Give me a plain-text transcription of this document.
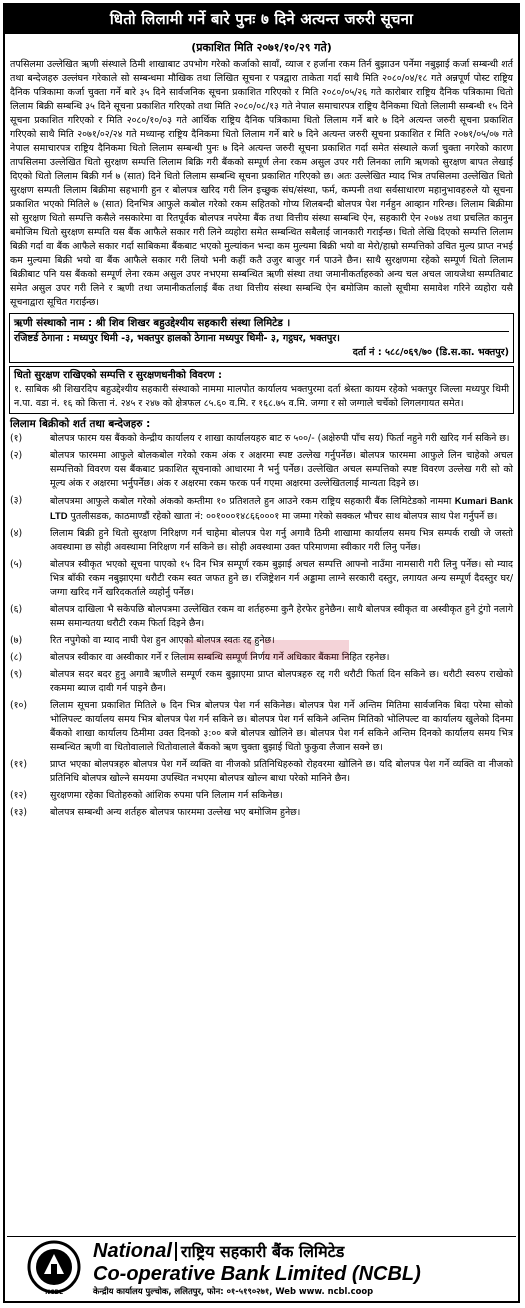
धितो लिलामी गर्ने बारे पुनः ७ दिने अत्यन्त जरुरी सूचना
(प्रकाशित मिति २०७१/१०/२९ गते)

तपसिलमा उल्लेखित ऋणी संस्थाले ठिमी शाखाबाट उपभोग गरेको कर्जाको सावाँ, व्याज र हर्जाना रकम तिर्न बुझाउन पर्नेमा नबुझाई कर्जा सम्बन्धी शर्त तथा बन्देजहरु उल्लंघन गरेकाले सो सम्बन्धमा मौखिक तथा लिखित सूचना र पत्रद्वारा ताकेता गर्दा साथै मिति २०८०/०४/१८ गते अन्नपूर्ण पोस्ट राष्ट्रिय दैनिक पत्रिकामा कर्जा चुक्ता गर्ने बारे ३५ दिने सार्वजनिक सूचना प्रकाशित गरिएको र मिति २०८०/०५/२६ गते कारोबार राष्ट्रिय दैनिक पत्रिकामा धितो लिलाम बिक्री सम्बन्धि ३५ दिने सूचना प्रकाशित गरिएको तथा मिति २०८०/०८/१३ गते नेपाल समाचारपत्र राष्ट्रिय दैनिकमा धितो लिलामी सम्बन्धी १५ दिने सूचना प्रकाशित गरिएको र मिति २०८०/१०/०३ गते आर्थिक राष्ट्रिय दैनिक पत्रिकामा धितो लिलाम गर्ने बारे ७ दिने अत्यन्त जरुरी सूचना प्रकाशित गरिएको साथै मिति २०७१/०२/२४ गते मध्यान्ह राष्ट्रिय दैनिकमा धितो लिलाम गर्ने बारे ७ दिने अत्यन्त जरुरी सूचना प्रकाशित र मिति २०७१/०५/०७ गते नेपाल समाचारपत्र राष्ट्रिय दैनिकमा धितो लिलाम सम्बन्धी पुनः ७ दिने अत्यन्त जरुरी सूचना प्रकाशित गर्दा समेत संस्थाले कर्जा चुक्ता नगरेको कारण तापसिलमा उल्लेखित धितो सुरक्षण सम्पत्ति लिलाम बिक्रि गरी बैंकको सम्पूर्ण लेना रकम असुल उपर गरी लिनका लागि ऋणको सुरक्षण बापत लेखाई दिएको धितो लिलाम बिक्री गर्न ७ (सात) दिने धितो लिलाम सम्बन्धि सूचना प्रकाशित गरिएको छ। अतः उल्लेखित म्याद भित्र तपसिलमा उल्लेखित धितो सुरक्षण सम्पती लिलाम बिक्रीमा सहभागी हुन र बोलपत्र खरिद गरी लिन इच्छुक संघ/संस्था, फर्म, कम्पनी तथा सर्वसाधारण महानुभावहरुले यो सूचना प्रकाशित भएको मितिले ७ (सात) दिनभित्र आफुले कबोल गरेको रकम सहितको गोप्य शिलबन्दी बोलपत्र पेश गर्नहुन आव्हान गरिन्छ। लिलाम बिक्रीमा सो सुरक्षण धितो सम्पत्ति कसैले नसकारेमा वा रितपूर्वक बोलपत्र नपरेमा बैंक तथा वित्तीय संस्था सम्बन्धि ऐन, सहकारी ऐन २०७४ तथा प्रचलित कानुन बमोजिम धितो सुरक्षण सम्पति यस बैंक आफैले सकार गरी लिने व्यहोरा समेत सम्बन्धित सबैलाई जानकारी गराईन्छ। धितो लेखि दिएको सम्पत्ति लिलाम बिक्री गर्दा वा बैंक आफैले सकार गर्दा साबिकमा बैंकबाट भएको मुल्यांकन भन्दा कम मुल्यमा बिक्री भयो वा मेरो/हाम्रो सम्पत्तिको उचित मुल्य प्राप्त नभई कम मुल्यमा बिक्री भयो वा बैंक आफैले सकार गरी लियो भनी कहीं कतै उजुर बाजुर गर्न पाउने छैन। साथै सुरक्षणमा रहेको सम्पूर्ण धितो लिलाम बिक्रीबाट पनि यस बैंकको सम्पूर्ण लेना रकम असुल उपर नभएमा सम्बन्धित ऋणी संस्था तथा जमानीकर्ताहरुको अन्य चल अचल जायजेथा सम्पतिबाट समेत असुल उपर गरी लिने र ऋणी तथा जमानीकर्तालाई बैंक तथा वित्तीय संस्था सम्बन्धि ऐन बमोजिम कालो सूचीमा समावेश गरिने व्यहोरा यसै सूचनाद्वारा सूचित गराईन्छ।

ऋणी संस्थाको नाम : श्री शिव शिखर बहुउद्देश्यीय सहकारी संस्था लिमिटेड ।
रजिष्टर्ड ठेगाना : मध्यपुर थिमी -३, भक्तपुर हालको ठेगाना मध्यपुर थिमी- ३, गट्ठघर, भक्तपुर।
दर्ता नं : ५८८/०६९/७० (डि.स.का. भक्तपुर)
धितो सुरक्षण राखिएको सम्पत्ति र सुरक्षणधनीको विवरण :
१. साबिक श्री शिखरदिप बहुउद्देश्यीय सहकारी संस्थाको नाममा मालपोत कार्यालय भक्तपुरमा दर्ता श्रेस्ता कायम रहेको भक्तपुर जिल्ला मध्यपुर थिमी न.पा. वडा नं. १६ को कित्ता नं. २४५ र २४७ को क्षेत्रफल ८५.६० व.मि. र १६८.७५ व.मि. जग्गा र सो जग्गाले चर्चेको लिगलगायत समेत।
लिलाम बिक्रीको शर्त तथा बन्देजहरु :
(१)	बोलपत्र फारम यस बैंकको केन्द्रीय कार्यालय र शाखा कार्यालयहरु बाट रु ५००/- (अक्षेरुपी पाँच सय) फिर्ता नहुने गरी खरिद गर्न सकिने छ।
(२)	बोलपत्र फारममा आफुले बोलकबोल गरेको रकम अंक र अक्षरमा स्पष्ट उल्लेख गर्नुपर्नेछ। बोलपत्र फारममा आफुले लिन चाहेको अचल सम्पत्तिको विवरण यस बैंकबाट प्रकाशित सूचनाको आधारमा नै भर्नु पर्नेछ। उल्लेखित अचल सम्पत्तिको स्पष्ट विवरण उल्लेख गरी सो को मूल्य अंक र अक्षरमा भर्नुपर्नेछ। अंक र अक्षरमा रकम फरक पर्न गएमा अक्षरमा उल्लेखितलाई मान्यता दिइने छ।
(३)	बोलपत्रमा आफुले कबोल गरेको अंकको कम्तीमा १० प्रतिशतले हुन आउने रकम राष्ट्रिय सहकारी बैंक लिमिटेडको नाममा Kumari Bank LTD पुतलीसडक, काठमाण्डौं रहेको खाता नं: ००१०००१४८६६०००१ मा जम्मा गरेको सक्कल भौचर साथ बोलपत्र साथ पेश गर्नुपर्ने छ।
(४)	लिलाम बिक्री हुने धितो सुरक्षण निरिक्षण गर्न चाहेमा बोलपत्र पेश गर्नु अगावै ठिमी शाखामा कार्यालय समय भित्र सम्पर्क राखी जे जस्तो अवस्थामा छ सोही अवस्थामा निरिक्षण गर्न सकिने छ। सोही अवस्थामा उक्त परिमाणमा स्वीकार गरी लिनु पर्नेछ।
(५)	बोलपत्र स्वीकृत भएको सूचना पाएको १५ दिन भित्र सम्पूर्ण रकम बुझाई अचल सम्पत्ति आफ्नो नाउँमा नामसारी गरी लिनु पर्नेछ। सो म्याद भित्र बाँकी रकम नबुझाएमा धरौटी रकम स्वत जफत हुने छ। रजिष्ट्रेशन गर्न अड्डामा लाग्ने सरकारी दस्तुर, लगायत अन्य सम्पूर्ण दैदस्तुर घर/जग्गा खरिद गर्ने खरिदकर्ताले व्यहोर्नु पर्नेछ।
(६)	बोलपत्र दाखिला भै सकेपछि बोलपत्रमा उल्लेखित रकम वा शर्तहरुमा कुनै हेरफेर हुनेछैन। साथै बोलपत्र स्वीकृत वा अस्वीकृत हुने टुंगो नलागे सम्म समान्यतया धरौटी रकम फिर्ता दिइने छैन।
(७)	रित नपुगेको वा म्याद नाघी पेश हुन आएको बोलपत्र स्वतः रद्द हुनेछ।
(८)	बोलपत्र स्वीकार वा अस्वीकार गर्ने र लिलाम सम्बन्धि सम्पूर्ण निर्णय गर्ने अधिकार बैंकमा निहित रहनेछ।
(९)	बोलपत्र सदर बदर हुनु अगावै ऋणीले सम्पूर्ण रकम बुझाएमा प्राप्त बोलपत्रहरु रद्द गरी धरौटी फिर्ता दिन सकिने छ। धरौटी स्वरुप राखेको रकममा ब्याज दावी गर्न पाइने छैन।
(१०)	लिलाम सूचना प्रकाशित मितिले ७ दिन भित्र बोलपत्र पेश गर्न सकिनेछ। बोलपत्र पेश गर्ने अन्तिम मितिमा सार्वजनिक बिदा परेमा सोको भोलिपल्ट कार्यालय समय भित्र बोलपत्र पेश गर्न सकिने छ। बोलपत्र पेश गर्न सकिने अन्तिम मितिको भोलिपल्ट वा कार्यालय खुलेको दिनमा बैंकको शाखा कार्यालय ठिमीमा उक्त दिनको ३:०० बजे बोलपत्र खोलिने छ। बोलपत्र पेश गर्न सकिने अन्तिम दिनको कार्यालय समय भित्र सम्बन्धित ऋणी वा धितोवालाले धितोवालाले बैंकको ऋण चुक्ता बुझाई धितो फुकुवा लैजान सक्ने छ।
(११)	प्राप्त भएका बोलपत्रहरु बोलपत्र पेश गर्ने व्यक्ति वा नीजको प्रतिनिधिहरुको रोहवरमा खोलिने छ। यदि बोलपत्र पेश गर्ने व्यक्ति वा नीजको प्रतिनिधि बोलपत्र खोल्ने समयमा उपस्थित नभएमा बोलपत्र खोल्न बाधा परेको मानिने छैन।
(१२)	सुरक्षणमा रहेका धितोहरुको आंशिक रुपमा पनि लिलाम गर्न सकिनेछ।
(१३)	बोलपत्र सम्बन्धी अन्य शर्तहरु बोलपत्र फारममा उल्लेख भए बमोजिम हुनेछ।
NCBL
National राष्ट्रिय सहकारी बैंक लिमिटेड
Co-operative Bank Limited (NCBL)
केन्द्रीय कार्यालय पुल्चोक, ललितपुर, फोन: ०१-५१९०२७१, Web www. ncbl.coop
